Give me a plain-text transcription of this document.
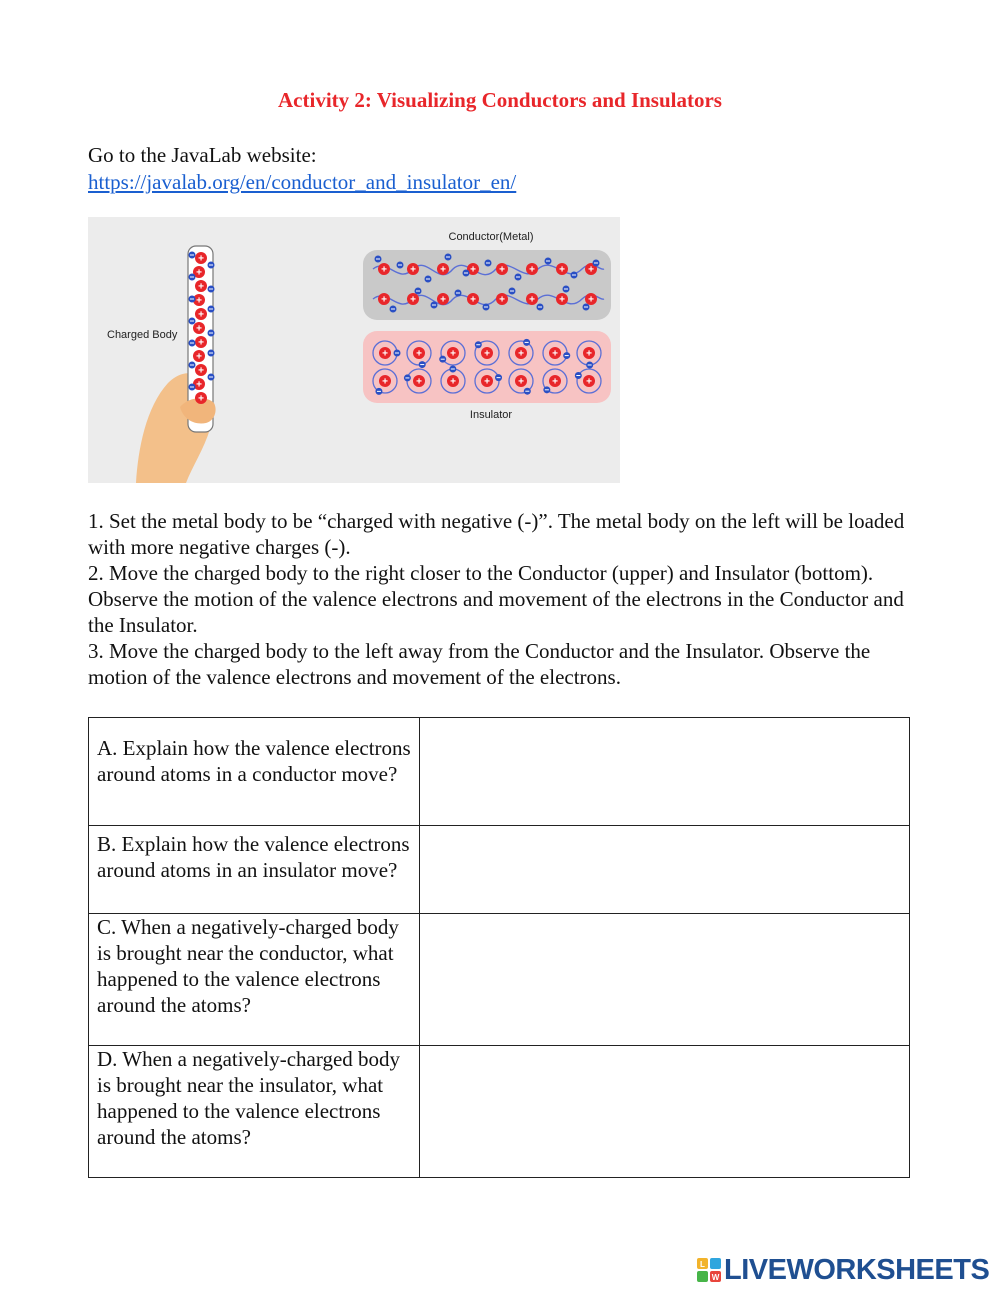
Activity 2: Visualizing Conductors and Insulators
Go to the JavaLab website:
https://javalab.org/en/conductor_and_insulator_en/
Charged Body
Conductor(Metal)
Insulator
+
+
+
+
+
+
+
+
+
+
+
+
+
+
+
+
+
+
+
+
+
+
+
+
+
+
+
+
+
+
+
+
+
+
+
+
+
+
+
+
+

1. Set the metal body to be “charged with negative (-)”. The metal body on the left will be loaded with more negative charges (-).

2. Move the charged body to the right closer to the Conductor (upper) and Insulator (bottom). Observe the motion of the valence electrons and movement of the electrons in the Conductor and the Insulator.

3. Move the charged body to the left away from the Conductor and the Insulator. Observe the motion of the valence electrons and movement of the electrons.

A. Explain how the valence electrons around atoms in a conductor move?	

B. Explain how the valence electrons around atoms in an insulator move?	

C. When a negatively-charged body is brought near the conductor, what happened to the valence electrons around the atoms?	

D. When a negatively-charged body is brought near the insulator, what happened to the valence electrons around the atoms?	

L
W LIVEWORKSHEETS
